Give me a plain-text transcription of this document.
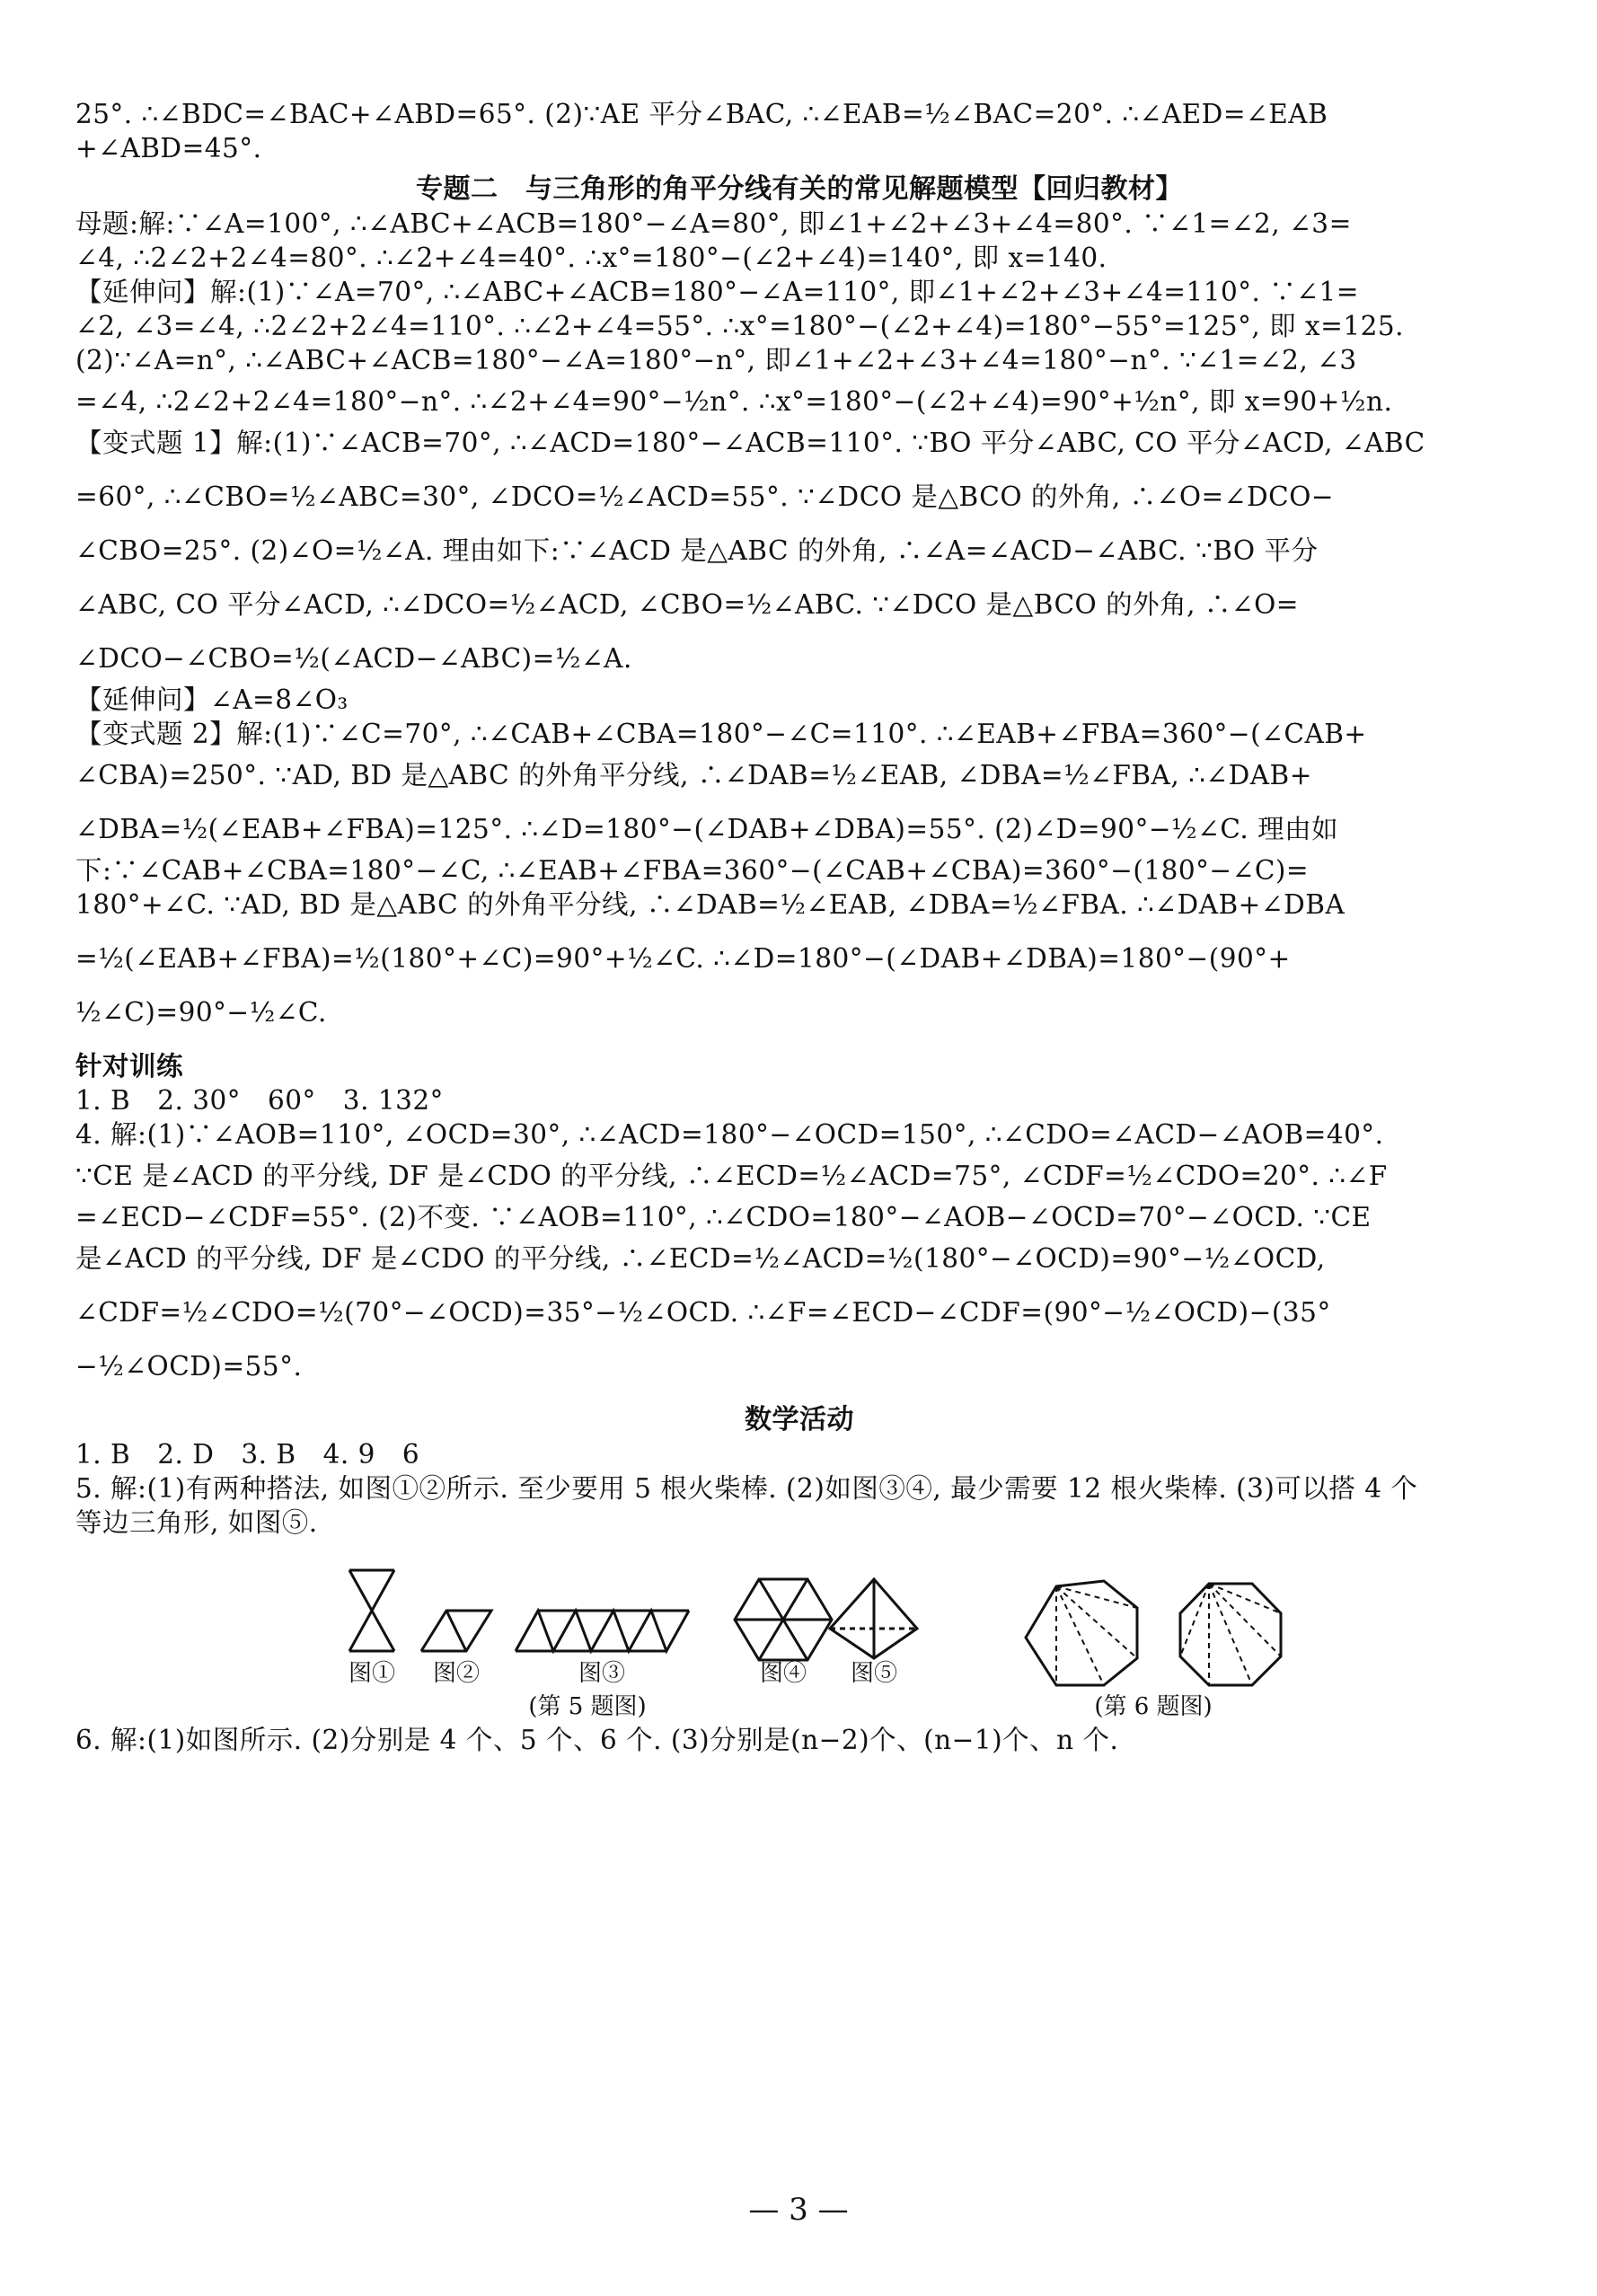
25°. ∴∠BDC=∠BAC+∠ABD=65°. (2)∵AE 平分∠BAC, ∴∠EAB=½∠BAC=20°. ∴∠AED=∠EAB

+∠ABD=45°.

专题二　与三角形的角平分线有关的常见解题模型【回归教材】

母题:解:∵∠A=100°, ∴∠ABC+∠ACB=180°−∠A=80°, 即∠1+∠2+∠3+∠4=80°. ∵∠1=∠2, ∠3=

∠4, ∴2∠2+2∠4=80°. ∴∠2+∠4=40°. ∴x°=180°−(∠2+∠4)=140°, 即 x=140.

【延伸问】解:(1)∵∠A=70°, ∴∠ABC+∠ACB=180°−∠A=110°, 即∠1+∠2+∠3+∠4=110°. ∵∠1=

∠2, ∠3=∠4, ∴2∠2+2∠4=110°. ∴∠2+∠4=55°. ∴x°=180°−(∠2+∠4)=180°−55°=125°, 即 x=125.

(2)∵∠A=n°, ∴∠ABC+∠ACB=180°−∠A=180°−n°, 即∠1+∠2+∠3+∠4=180°−n°. ∵∠1=∠2, ∠3

=∠4, ∴2∠2+2∠4=180°−n°. ∴∠2+∠4=90°−½n°. ∴x°=180°−(∠2+∠4)=90°+½n°, 即 x=90+½n.

【变式题 1】解:(1)∵∠ACB=70°, ∴∠ACD=180°−∠ACB=110°. ∵BO 平分∠ABC, CO 平分∠ACD, ∠ABC

=60°, ∴∠CBO=½∠ABC=30°, ∠DCO=½∠ACD=55°. ∵∠DCO 是△BCO 的外角, ∴∠O=∠DCO−

∠CBO=25°. (2)∠O=½∠A. 理由如下:∵∠ACD 是△ABC 的外角, ∴∠A=∠ACD−∠ABC. ∵BO 平分

∠ABC, CO 平分∠ACD, ∴∠DCO=½∠ACD, ∠CBO=½∠ABC. ∵∠DCO 是△BCO 的外角, ∴∠O=

∠DCO−∠CBO=½(∠ACD−∠ABC)=½∠A.

【延伸问】∠A=8∠O₃

【变式题 2】解:(1)∵∠C=70°, ∴∠CAB+∠CBA=180°−∠C=110°. ∴∠EAB+∠FBA=360°−(∠CAB+

∠CBA)=250°. ∵AD, BD 是△ABC 的外角平分线, ∴∠DAB=½∠EAB, ∠DBA=½∠FBA, ∴∠DAB+

∠DBA=½(∠EAB+∠FBA)=125°. ∴∠D=180°−(∠DAB+∠DBA)=55°. (2)∠D=90°−½∠C. 理由如

下:∵∠CAB+∠CBA=180°−∠C, ∴∠EAB+∠FBA=360°−(∠CAB+∠CBA)=360°−(180°−∠C)=

180°+∠C. ∵AD, BD 是△ABC 的外角平分线, ∴∠DAB=½∠EAB, ∠DBA=½∠FBA. ∴∠DAB+∠DBA

=½(∠EAB+∠FBA)=½(180°+∠C)=90°+½∠C. ∴∠D=180°−(∠DAB+∠DBA)=180°−(90°+

½∠C)=90°−½∠C.

针对训练

1. B　2. 30°　60°　3. 132°

4. 解:(1)∵∠AOB=110°, ∠OCD=30°, ∴∠ACD=180°−∠OCD=150°, ∴∠CDO=∠ACD−∠AOB=40°.

∵CE 是∠ACD 的平分线, DF 是∠CDO 的平分线, ∴∠ECD=½∠ACD=75°, ∠CDF=½∠CDO=20°. ∴∠F

=∠ECD−∠CDF=55°. (2)不变. ∵∠AOB=110°, ∴∠CDO=180°−∠AOB−∠OCD=70°−∠OCD. ∵CE

是∠ACD 的平分线, DF 是∠CDO 的平分线, ∴∠ECD=½∠ACD=½(180°−∠OCD)=90°−½∠OCD,

∠CDF=½∠CDO=½(70°−∠OCD)=35°−½∠OCD. ∴∠F=∠ECD−∠CDF=(90°−½∠OCD)−(35°

−½∠OCD)=55°.

数学活动

1. B　2. D　3. B　4. 9　6

5. 解:(1)有两种搭法, 如图①②所示. 至少要用 5 根火柴棒. (2)如图③④, 最少需要 12 根火柴棒. (3)可以搭 4 个

等边三角形, 如图⑤.

图① 图②	图③	图④ 图⑤
(第 5 题图)	(第 6 题图)

6. 解:(1)如图所示. (2)分别是 4 个、5 个、6 个. (3)分别是(n−2)个、(n−1)个、n 个.

— 3 —
